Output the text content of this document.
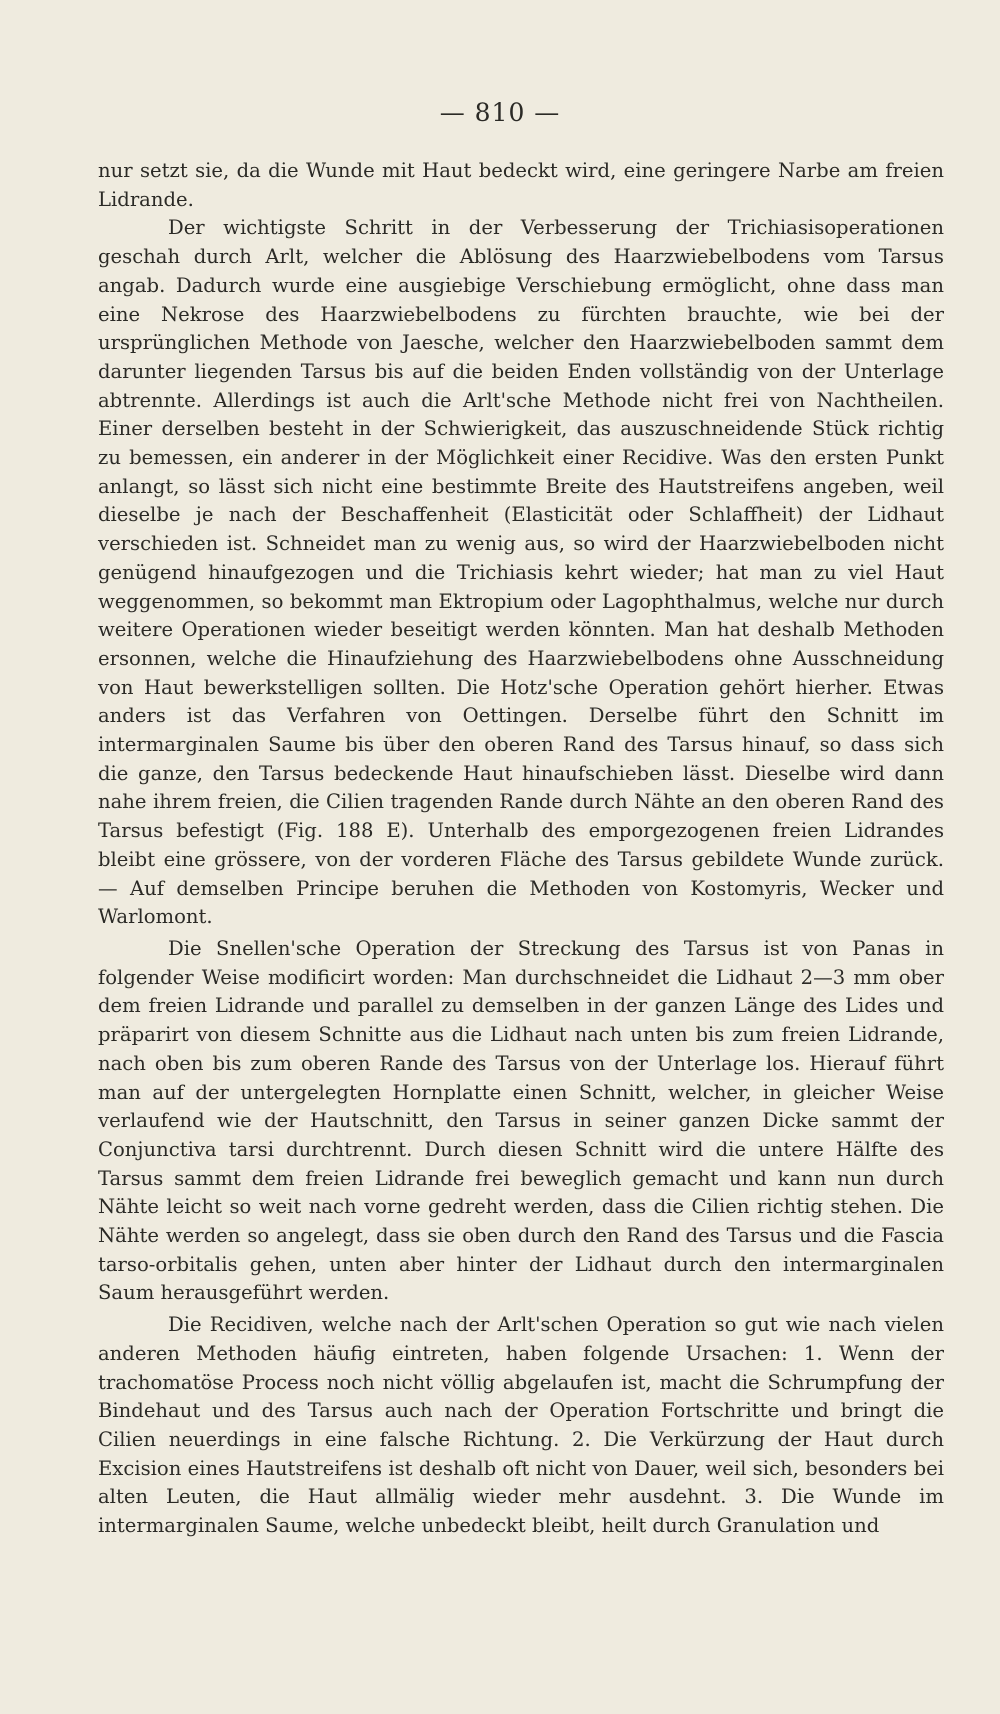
— 810 —

nur setzt sie, da die Wunde mit Haut bedeckt wird, eine geringere Narbe am freien Lidrande.

Der wichtigste Schritt in der Verbesserung der Trichiasisoperationen geschah durch Arlt, welcher die Ablösung des Haarzwiebelbodens vom Tarsus angab. Dadurch wurde eine ausgiebige Verschiebung ermöglicht, ohne dass man eine Nekrose des Haarzwiebelbodens zu fürchten brauchte, wie bei der ursprünglichen Methode von Jaesche, welcher den Haarzwiebelboden sammt dem darunter liegenden Tarsus bis auf die beiden Enden vollständig von der Unterlage abtrennte. Allerdings ist auch die Arlt'sche Methode nicht frei von Nachtheilen. Einer derselben besteht in der Schwierigkeit, das auszuschneidende Stück richtig zu bemessen, ein anderer in der Möglichkeit einer Recidive. Was den ersten Punkt anlangt, so lässt sich nicht eine bestimmte Breite des Hautstreifens angeben, weil dieselbe je nach der Beschaffenheit (Elasticität oder Schlaffheit) der Lidhaut verschieden ist. Schneidet man zu wenig aus, so wird der Haarzwiebelboden nicht genügend hinaufgezogen und die Trichiasis kehrt wieder; hat man zu viel Haut weggenommen, so bekommt man Ektropium oder Lagophthalmus, welche nur durch weitere Operationen wieder beseitigt werden könnten. Man hat deshalb Methoden ersonnen, welche die Hinaufziehung des Haarzwiebelbodens ohne Ausschneidung von Haut bewerkstelligen sollten. Die Hotz'sche Operation gehört hierher. Etwas anders ist das Verfahren von Oettingen. Derselbe führt den Schnitt im intermarginalen Saume bis über den oberen Rand des Tarsus hinauf, so dass sich die ganze, den Tarsus bedeckende Haut hinaufschieben lässt. Dieselbe wird dann nahe ihrem freien, die Cilien tragenden Rande durch Nähte an den oberen Rand des Tarsus befestigt (Fig. 188 E). Unterhalb des emporgezogenen freien Lidrandes bleibt eine grössere, von der vorderen Fläche des Tarsus gebildete Wunde zurück. — Auf demselben Principe beruhen die Methoden von Kostomyris, Wecker und Warlomont.

Die Snellen'sche Operation der Streckung des Tarsus ist von Panas in folgender Weise modificirt worden: Man durchschneidet die Lidhaut 2—3 mm ober dem freien Lidrande und parallel zu demselben in der ganzen Länge des Lides und präparirt von diesem Schnitte aus die Lidhaut nach unten bis zum freien Lidrande, nach oben bis zum oberen Rande des Tarsus von der Unterlage los. Hierauf führt man auf der untergelegten Hornplatte einen Schnitt, welcher, in gleicher Weise verlaufend wie der Hautschnitt, den Tarsus in seiner ganzen Dicke sammt der Conjunctiva tarsi durchtrennt. Durch diesen Schnitt wird die untere Hälfte des Tarsus sammt dem freien Lidrande frei beweglich gemacht und kann nun durch Nähte leicht so weit nach vorne gedreht werden, dass die Cilien richtig stehen. Die Nähte werden so angelegt, dass sie oben durch den Rand des Tarsus und die Fascia tarso-orbitalis gehen, unten aber hinter der Lidhaut durch den intermarginalen Saum herausgeführt werden.

Die Recidiven, welche nach der Arlt'schen Operation so gut wie nach vielen anderen Methoden häufig eintreten, haben folgende Ursachen: 1. Wenn der trachomatöse Process noch nicht völlig abgelaufen ist, macht die Schrumpfung der Bindehaut und des Tarsus auch nach der Operation Fortschritte und bringt die Cilien neuerdings in eine falsche Richtung. 2. Die Verkürzung der Haut durch Excision eines Hautstreifens ist deshalb oft nicht von Dauer, weil sich, besonders bei alten Leuten, die Haut allmälig wieder mehr ausdehnt. 3. Die Wunde im intermarginalen Saume, welche unbedeckt bleibt, heilt durch Granulation und
